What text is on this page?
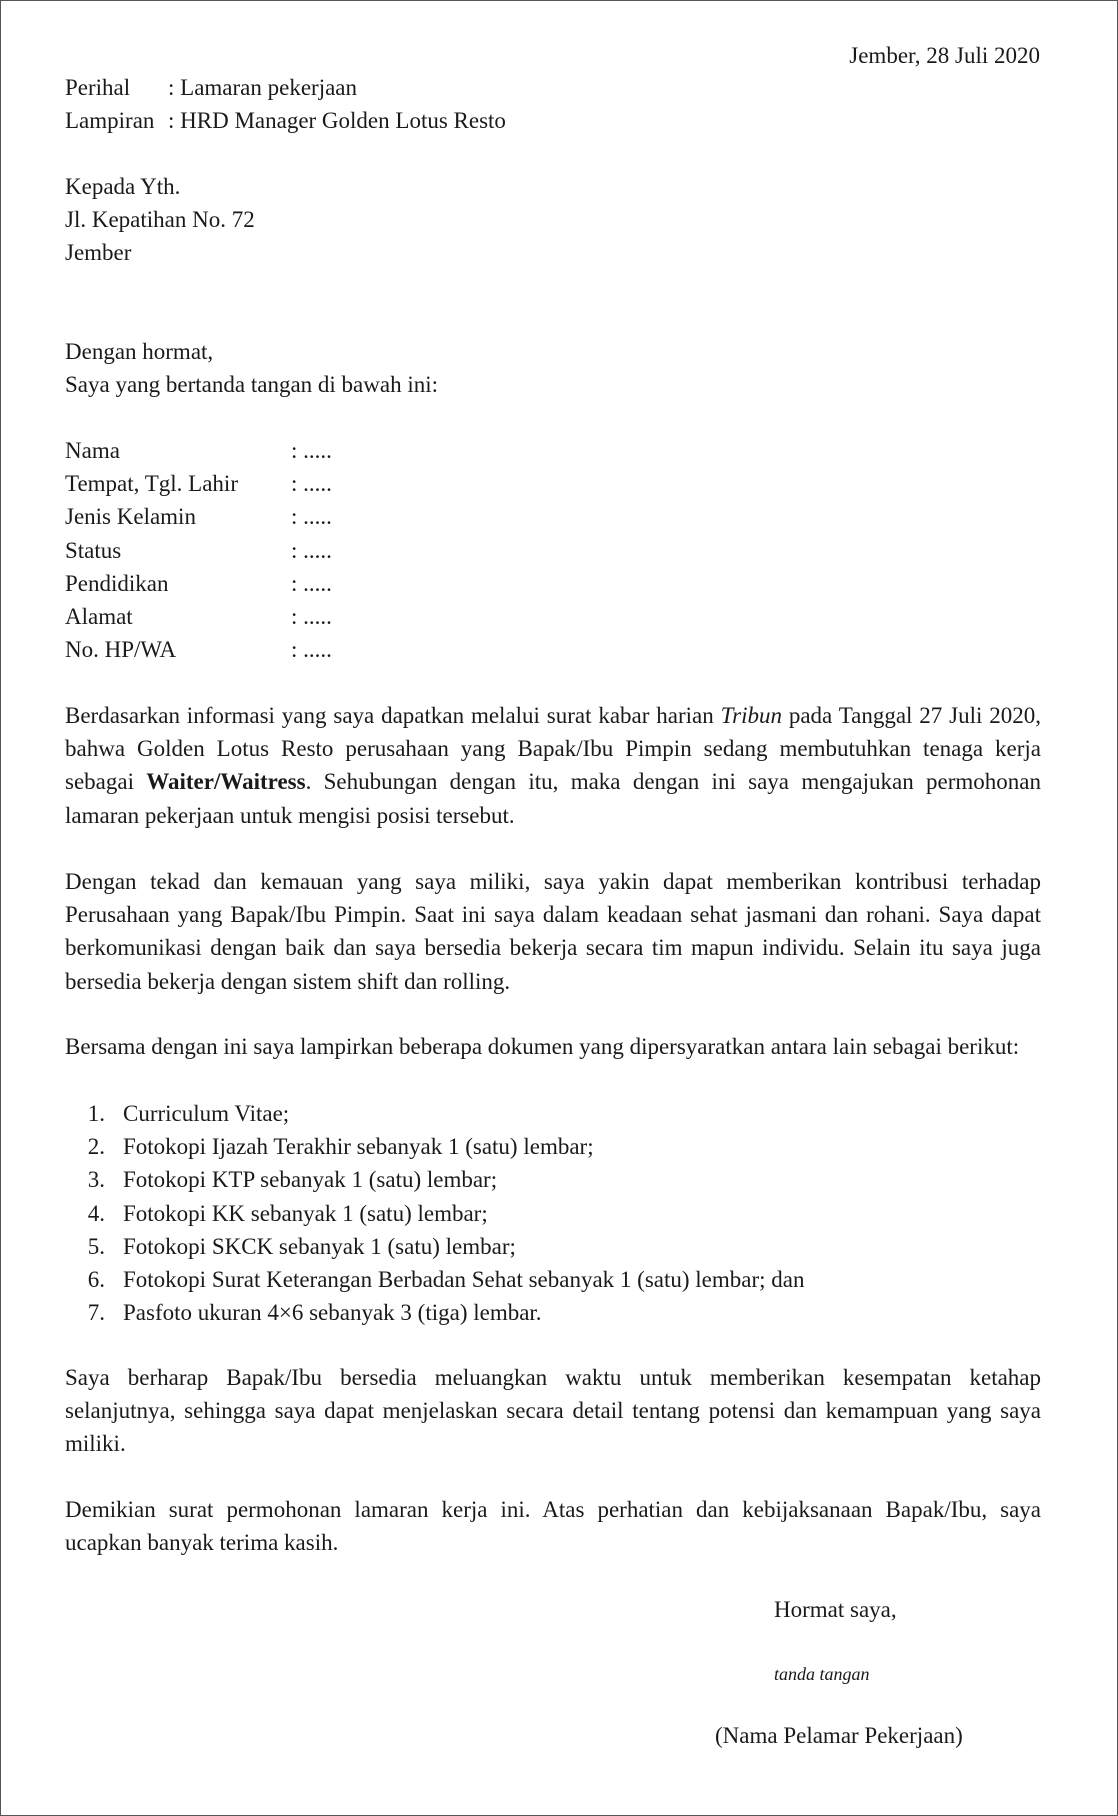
Jember, 28 Juli 2020
Perihal	: Lamaran pekerjaan
Lampiran : HRD Manager Golden Lotus Resto
Kepada Yth.
Jl. Kepatihan No. 72
Jember
Dengan hormat,
Saya yang bertanda tangan di bawah ini:
Nama	: .....
Tempat, Tgl. Lahir	: .....
Jenis Kelamin	: .....
Status	: .....
Pendidikan	: .....
Alamat	: .....
No. HP/WA	: .....

Berdasarkan informasi yang saya dapatkan melalui surat kabar harian Tribun pada Tanggal 27 Juli 2020, bahwa Golden Lotus Resto perusahaan yang Bapak/Ibu Pimpin sedang membutuhkan tenaga kerja sebagai Waiter/Waitress. Sehubungan dengan itu, maka dengan ini saya mengajukan permohonan lamaran pekerjaan untuk mengisi posisi tersebut.

Dengan tekad dan kemauan yang saya miliki, saya yakin dapat memberikan kontribusi terhadap Perusahaan yang Bapak/Ibu Pimpin. Saat ini saya dalam keadaan sehat jasmani dan rohani. Saya dapat berkomunikasi dengan baik dan saya bersedia bekerja secara tim mapun individu. Selain itu saya juga bersedia bekerja dengan sistem shift dan rolling.

Bersama dengan ini saya lampirkan beberapa dokumen yang dipersyaratkan antara lain sebagai berikut:

1. Curriculum Vitae;
2. Fotokopi Ijazah Terakhir sebanyak 1 (satu) lembar;
3. Fotokopi KTP sebanyak 1 (satu) lembar;
4. Fotokopi KK sebanyak 1 (satu) lembar;
5. Fotokopi SKCK sebanyak 1 (satu) lembar;
6. Fotokopi Surat Keterangan Berbadan Sehat sebanyak 1 (satu) lembar; dan
7. Pasfoto ukuran 4×6 sebanyak 3 (tiga) lembar.

Saya berharap Bapak/Ibu bersedia meluangkan waktu untuk memberikan kesempatan ketahap selanjutnya, sehingga saya dapat menjelaskan secara detail tentang potensi dan kemampuan yang saya miliki.

Demikian surat permohonan lamaran kerja ini. Atas perhatian dan kebijaksanaan Bapak/Ibu, saya ucapkan banyak terima kasih.

Hormat saya,
tanda tangan
(Nama Pelamar Pekerjaan)
